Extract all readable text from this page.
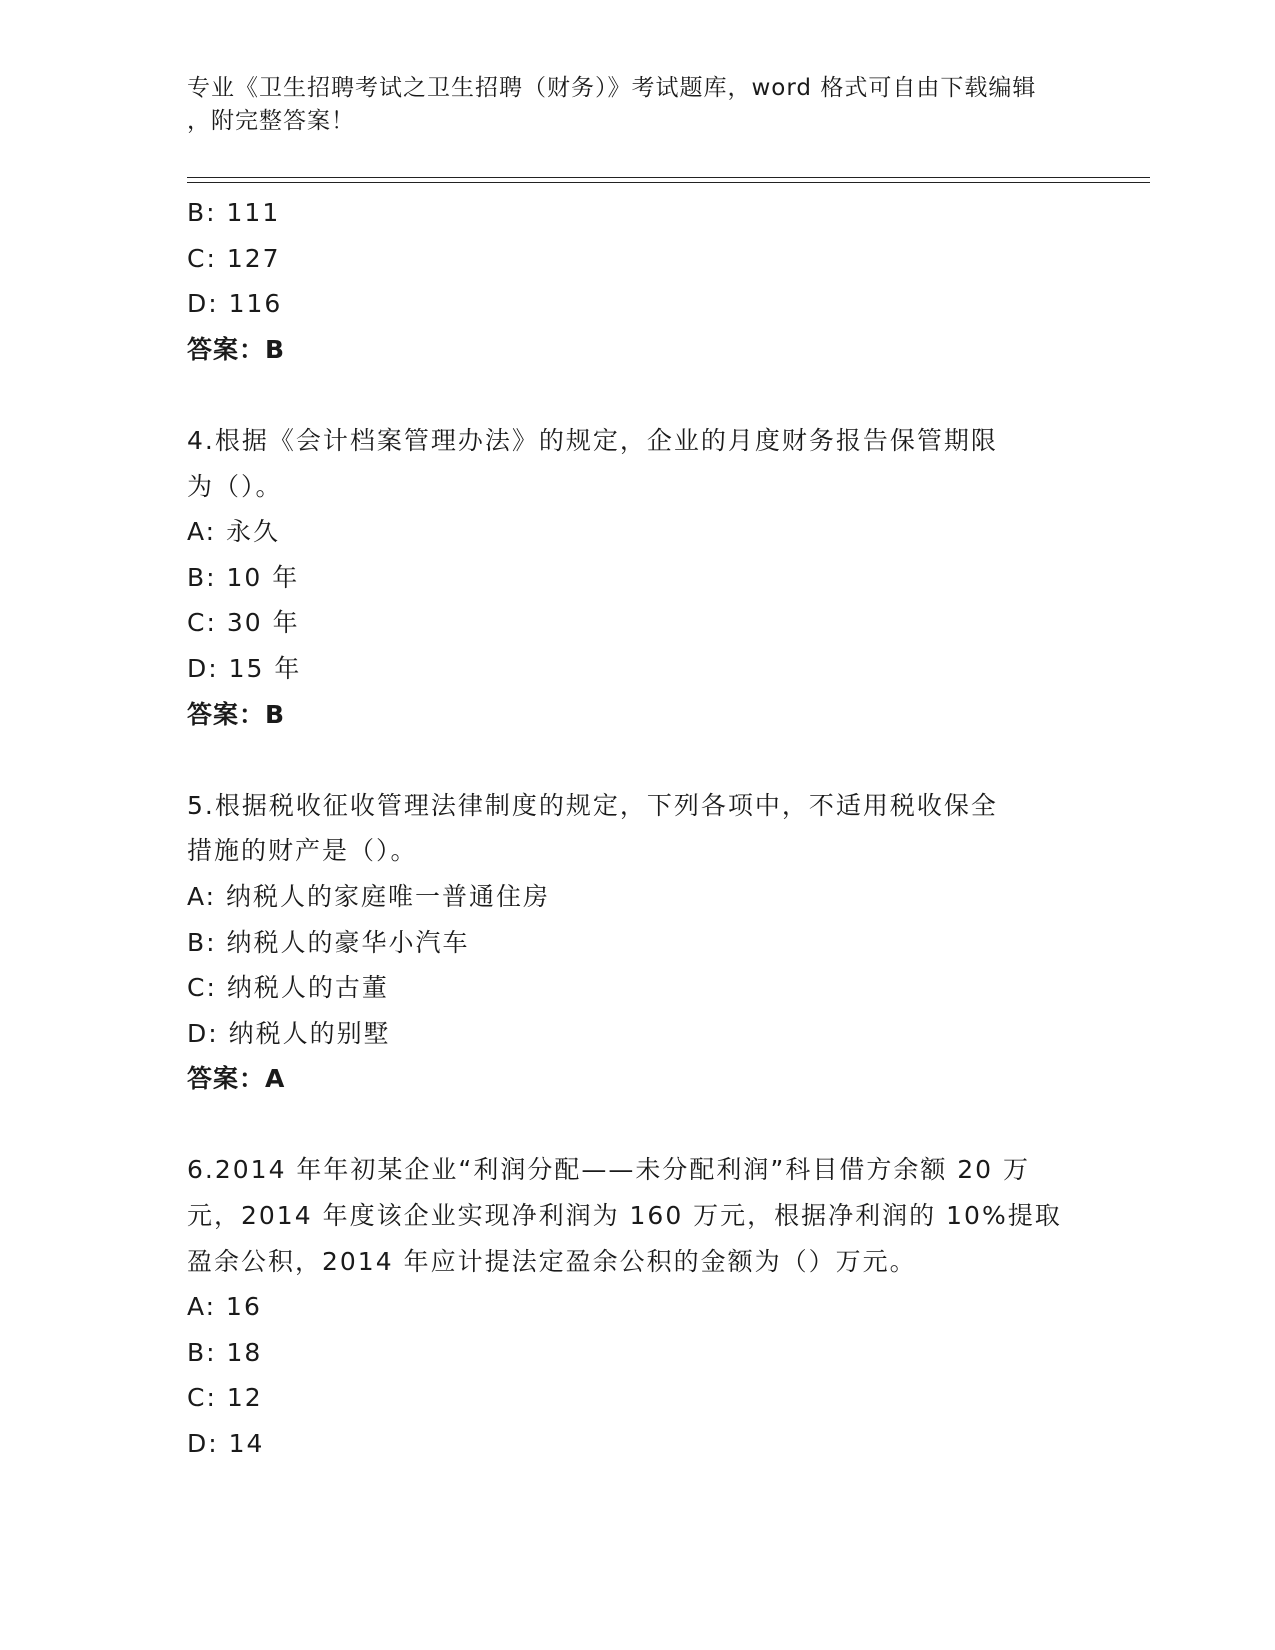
专业《卫生招聘考试之卫生招聘（财务）》考试题库，word 格式可自由下载编辑
，附完整答案！
B: 111
C: 127
D: 116
答案：B
4.根据《会计档案管理办法》的规定，企业的月度财务报告保管期限
为（）。
A: 永久
B: 10 年
C: 30 年
D: 15 年
答案：B
5.根据税收征收管理法律制度的规定，下列各项中，不适用税收保全
措施的财产是（）。
A: 纳税人的家庭唯一普通住房
B: 纳税人的豪华小汽车
C: 纳税人的古董
D: 纳税人的别墅
答案：A
6.2014 年年初某企业“利润分配——未分配利润”科目借方余额 20 万
元，2014 年度该企业实现净利润为 160 万元，根据净利润的 10%提取
盈余公积，2014 年应计提法定盈余公积的金额为（）万元。
A: 16
B: 18
C: 12
D: 14
